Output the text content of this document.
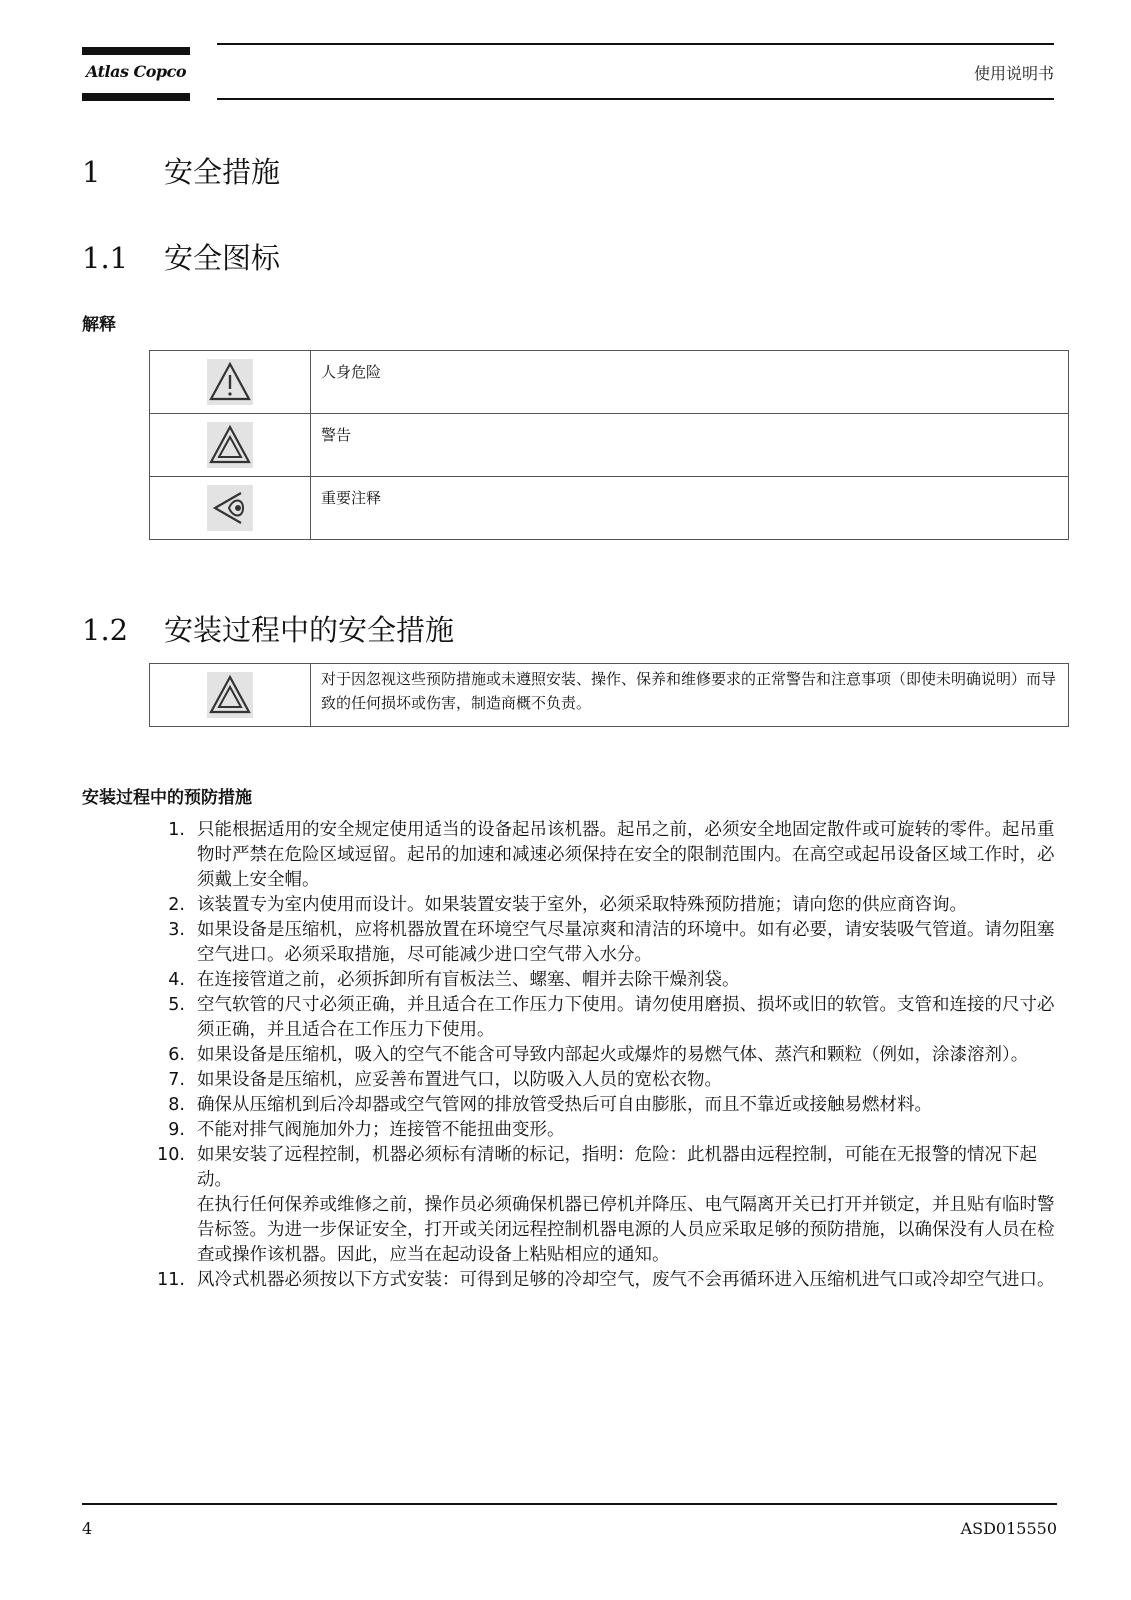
Atlas Copco	使用说明书
1 安全措施
1.1 安全图标
解释
	人身危险

	警告

	重要注释
1.2 安装过程中的安全措施
	对于因忽视这些预防措施或未遵照安装、操作、保养和维修要求的正常警告和注意事项（即使未明确说明）而导致的任何损坏或伤害，制造商概不负责。
安装过程中的预防措施
1. 只能根据适用的安全规定使用适当的设备起吊该机器。起吊之前，必须安全地固定散件或可旋转的零件。起吊重物时严禁在危险区域逗留。起吊的加速和减速必须保持在安全的限制范围内。在高空或起吊设备区域工作时，必须戴上安全帽。
2. 该装置专为室内使用而设计。如果装置安装于室外，必须采取特殊预防措施；请向您的供应商咨询。
3. 如果设备是压缩机，应将机器放置在环境空气尽量凉爽和清洁的环境中。如有必要，请安装吸气管道。请勿阻塞空气进口。必须采取措施，尽可能减少进口空气带入水分。
4. 在连接管道之前，必须拆卸所有盲板法兰、螺塞、帽并去除干燥剂袋。
5. 空气软管的尺寸必须正确，并且适合在工作压力下使用。请勿使用磨损、损坏或旧的软管。支管和连接的尺寸必须正确，并且适合在工作压力下使用。
6. 如果设备是压缩机，吸入的空气不能含可导致内部起火或爆炸的易燃气体、蒸汽和颗粒（例如，涂漆溶剂）。
7. 如果设备是压缩机，应妥善布置进气口，以防吸入人员的宽松衣物。
8. 确保从压缩机到后冷却器或空气管网的排放管受热后可自由膨胀，而且不靠近或接触易燃材料。
9. 不能对排气阀施加外力；连接管不能扭曲变形。
10. 如果安装了远程控制，机器必须标有清晰的标记，指明：危险：此机器由远程控制，可能在无报警的情况下起动。
在执行任何保养或维修之前，操作员必须确保机器已停机并降压、电气隔离开关已打开并锁定，并且贴有临时警告标签。为进一步保证安全，打开或关闭远程控制机器电源的人员应采取足够的预防措施，以确保没有人员在检查或操作该机器。因此，应当在起动设备上粘贴相应的通知。
11. 风冷式机器必须按以下方式安装：可得到足够的冷却空气，废气不会再循环进入压缩机进气口或冷却空气进口。
4	ASD015550
